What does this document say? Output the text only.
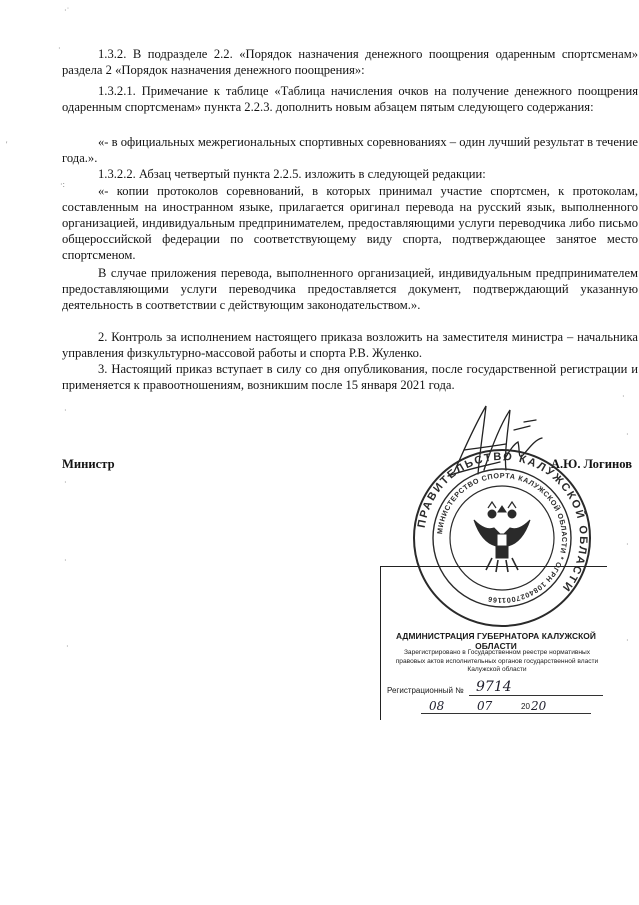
1.3.2. В подразделе 2.2. «Порядок назначения денежного поощрения одаренным спортсменам» раздела 2 «Порядок назначения денежного поощрения»:

1.3.2.1. Примечание к таблице «Таблица начисления очков на получение денежного поощрения одаренным спортсменам» пункта 2.2.3. дополнить новым абзацем пятым следующего содержания:

«- в официальных межрегиональных спортивных соревнованиях – один лучший результат в течение года.».

1.3.2.2. Абзац четвертый пункта 2.2.5. изложить в следующей редакции:

«- копии протоколов соревнований, в которых принимал участие спортсмен, к протоколам, составленным на иностранном языке, прилагается оригинал перевода на русский язык, выполненного организацией, индивидуальным предпринимателем, предоставляющими услуги переводчика либо письмо общероссийской федерации по соответствующему виду спорта, подтверждающее занятое место спортсменом.

В случае приложения перевода, выполненного организацией, индивидуальным предпринимателем предоставляющими услуги переводчика предоставляется документ, подтверждающий указанную деятельность в соответствии с действующим законодательством.».

2. Контроль за исполнением настоящего приказа возложить на заместителя министра – начальника управления физкультурно-массовой работы и спорта Р.В. Жуленко.

3. Настоящий приказ вступает в силу со дня опубликования, после государственной регистрации и применяется к правоотношениям, возникшим после 15 января 2021 года.

Министр	А.Ю. Логинов
ПРАВИТЕЛЬСТВО КАЛУЖСКОЙ ОБЛАСТИ
МИНИСТЕРСТВО СПОРТА КАЛУЖСКОЙ ОБЛАСТИ * ОГРН 1084027001166
АДМИНИСТРАЦИЯ ГУБЕРНАТОРА КАЛУЖСКОЙ ОБЛАСТИ
Зарегистрировано в Государственном реестре нормативных
правовых актов исполнительных органов государственной власти
Калужской области
Регистрационный № 9714
08	07	20 20
·˙
·
'
·:
·
·
·
·
·
·
·
·
